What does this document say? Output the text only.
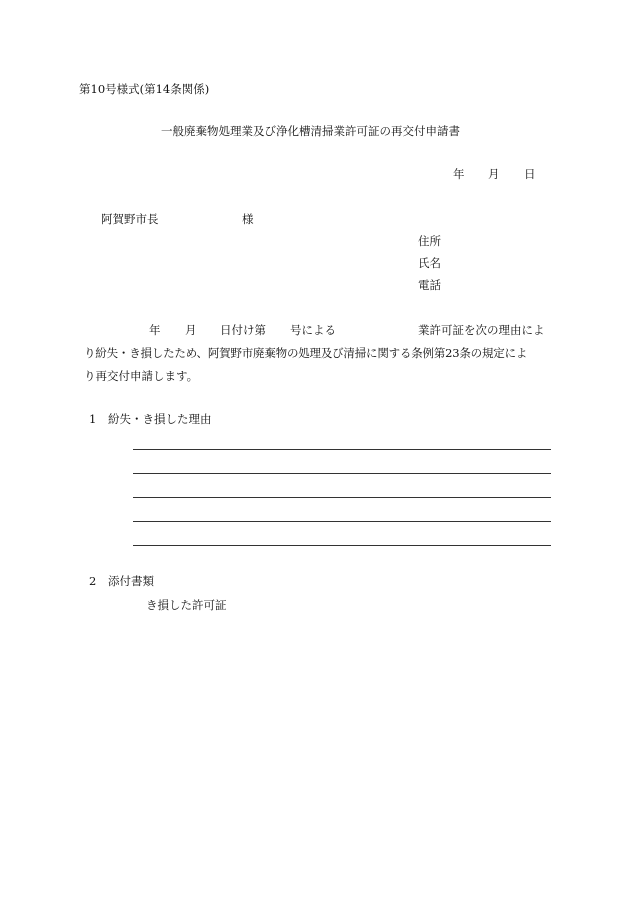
第10号様式(第14条関係)
一般廃棄物処理業及び浄化槽清掃業許可証の再交付申請書
年 月 日
阿賀野市長	様
住所
氏名
電話
年 月 日付け第 号による	業許可証を次の理由によ
り紛失・き損したため、阿賀野市廃棄物の処理及び清掃に関する条例第23条の規定によ
り再交付申請します。
1 紛失・き損した理由
2 添付書類
き損した許可証
